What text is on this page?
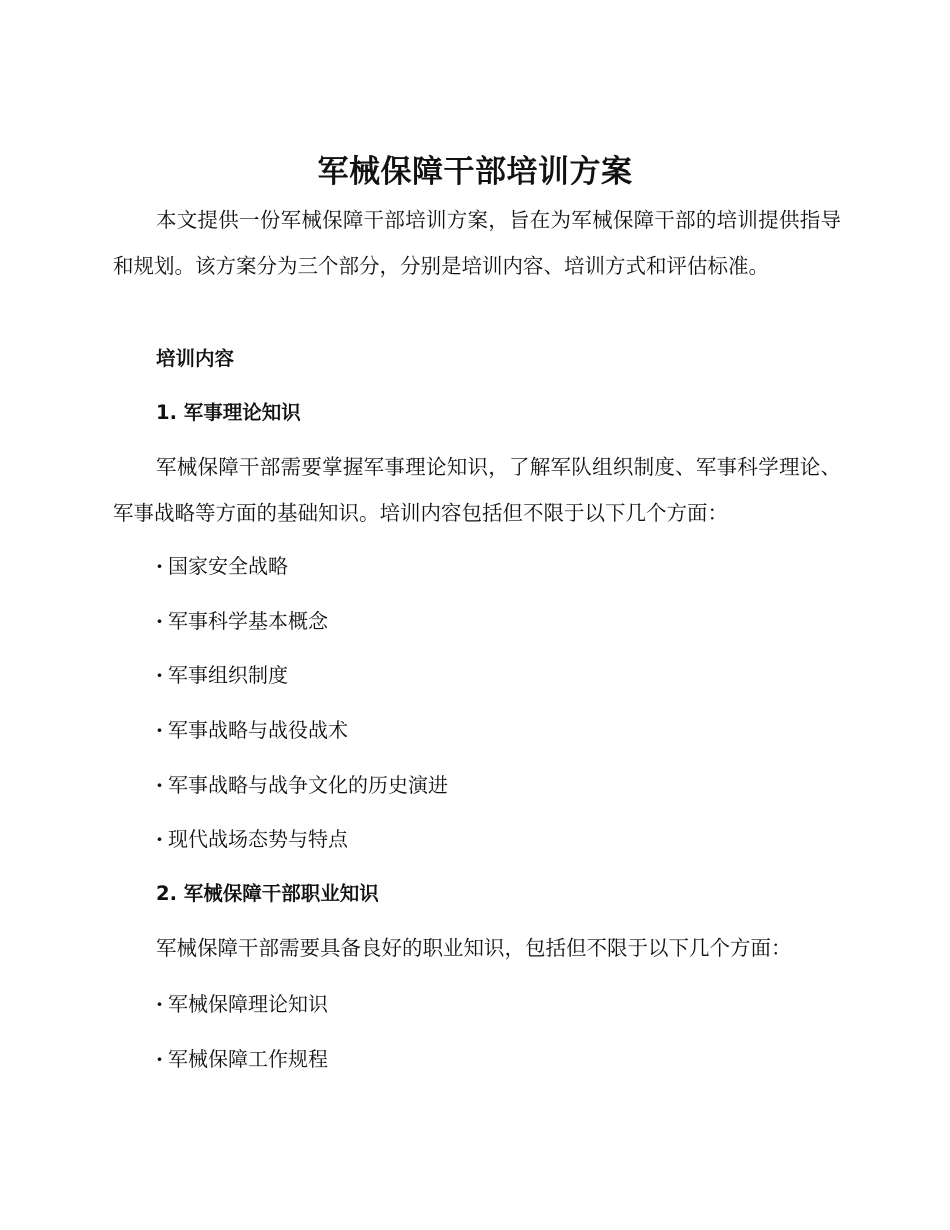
军械保障干部培训方案

本文提供一份军械保障干部培训方案，旨在为军械保障干部的培训提供指导和规划。该方案分为三个部分，分别是培训内容、培训方式和评估标准。

培训内容
1. 军事理论知识

军械保障干部需要掌握军事理论知识，了解军队组织制度、军事科学理论、军事战略等方面的基础知识。培训内容包括但不限于以下几个方面：

· 国家安全战略
· 军事科学基本概念
· 军事组织制度
· 军事战略与战役战术
· 军事战略与战争文化的历史演进
· 现代战场态势与特点
2. 军械保障干部职业知识

军械保障干部需要具备良好的职业知识，包括但不限于以下几个方面：

· 军械保障理论知识
· 军械保障工作规程
